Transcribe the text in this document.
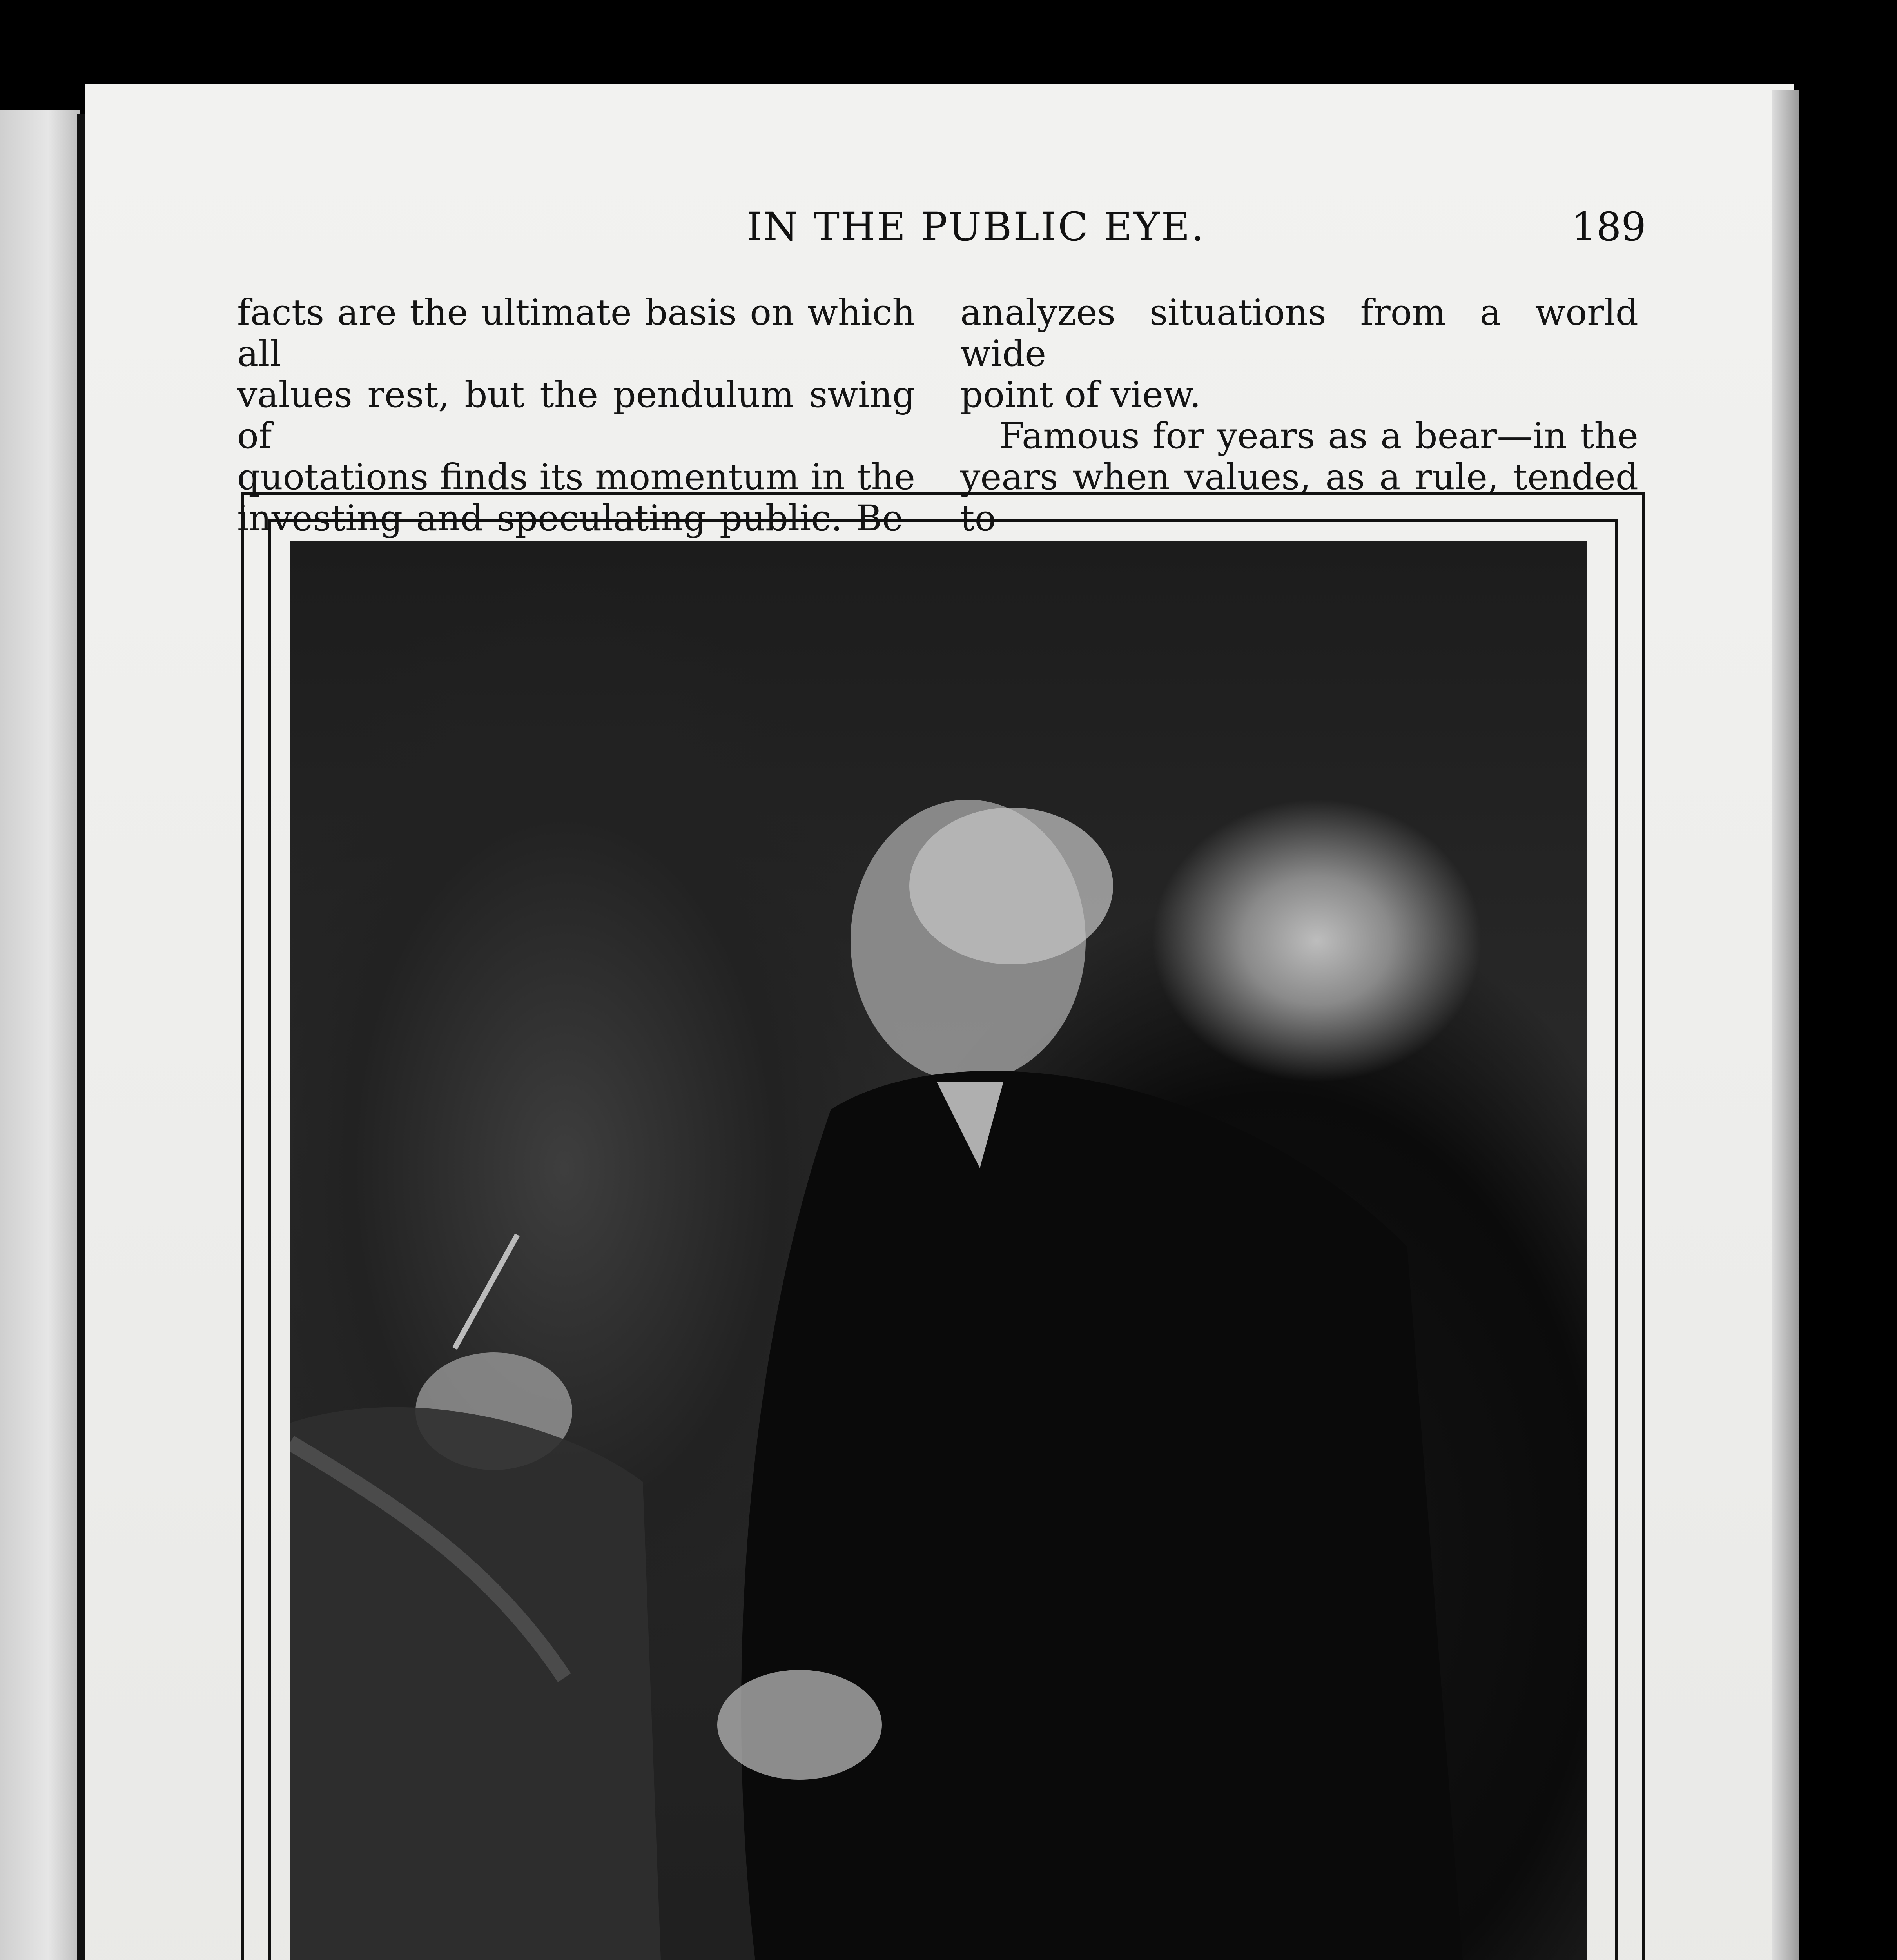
IN THE PUBLIC EYE.	189

facts are the ultimate basis on which all

values rest, but the pendulum swing of

quotations finds its momentum in the

investing and speculating public. Be-

analyzes situations from a world wide

point of view.

Famous for years as a bear—in the

years when values, as a rule, tended to
